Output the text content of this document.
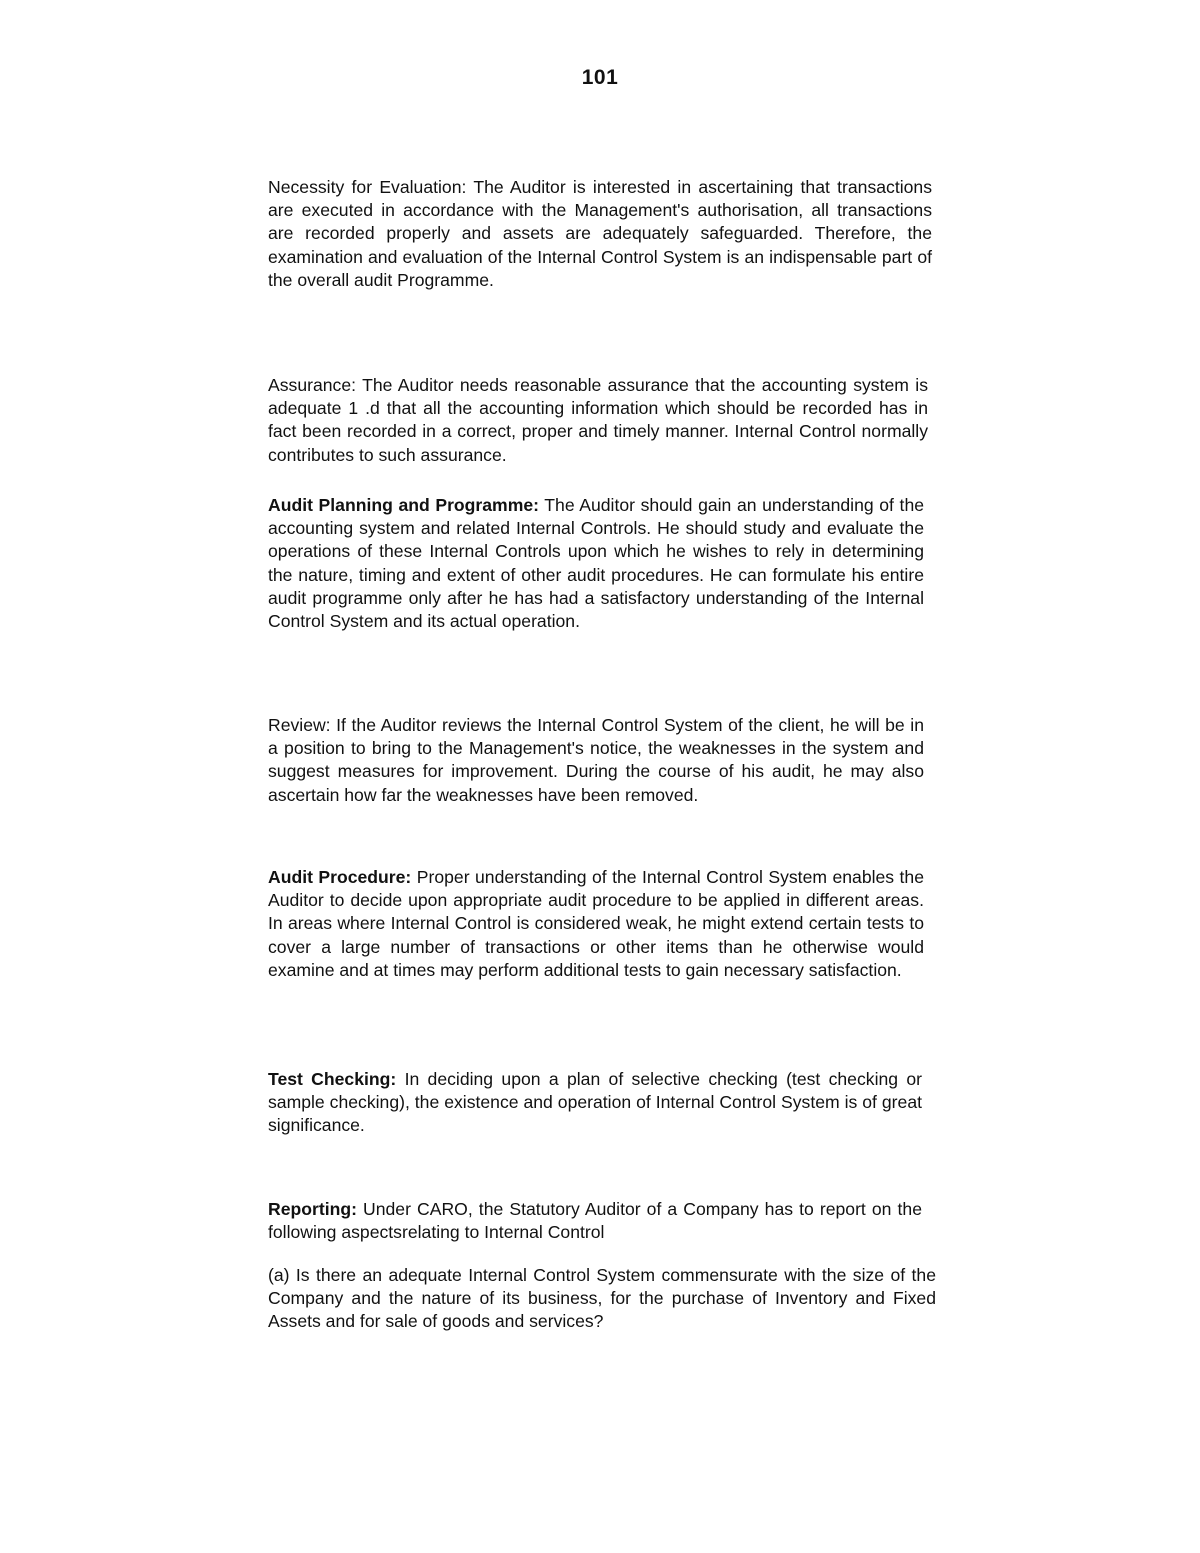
101

Necessity for Evaluation: The Auditor is interested in ascertaining that transactions are executed in accordance with the Management's authorisation, all transactions are recorded properly and assets are adequately safeguarded. Therefore, the examination and evaluation of the Internal Control System is an indispensable part of the overall audit Programme.

Assurance: The Auditor needs reasonable assurance that the accounting system is adequate 1 .d that all the accounting information which should be recorded has in fact been recorded in a correct, proper and timely manner. Internal Control normally contributes to such assurance.

Audit Planning and Programme: The Auditor should gain an understanding of the accounting system and related Internal Controls. He should study and evaluate the operations of these Internal Controls upon which he wishes to rely in determining the nature, timing and extent of other audit procedures. He can formulate his entire audit programme only after he has had a satisfactory understanding of the Internal Control System and its actual operation.

Review: If the Auditor reviews the Internal Control System of the client, he will be in a position to bring to the Management's notice, the weaknesses in the system and suggest measures for improvement. During the course of his audit, he may also ascertain how far the weaknesses have been removed.

Audit Procedure: Proper understanding of the Internal Control System enables the Auditor to decide upon appropriate audit procedure to be applied in different areas. In areas where Internal Control is considered weak, he might extend certain tests to cover a large number of transactions or other items than he otherwise would examine and at times may perform additional tests to gain necessary satisfaction.

Test Checking: In deciding upon a plan of selective checking (test checking or sample checking), the existence and operation of Internal Control System is of great significance.

Reporting: Under CARO, the Statutory Auditor of a Company has to report on the following aspectsrelating to Internal Control

(a) Is there an adequate Internal Control System commensurate with the size of the Company and the nature of its business, for the purchase of Inventory and Fixed Assets and for sale of goods and services?
